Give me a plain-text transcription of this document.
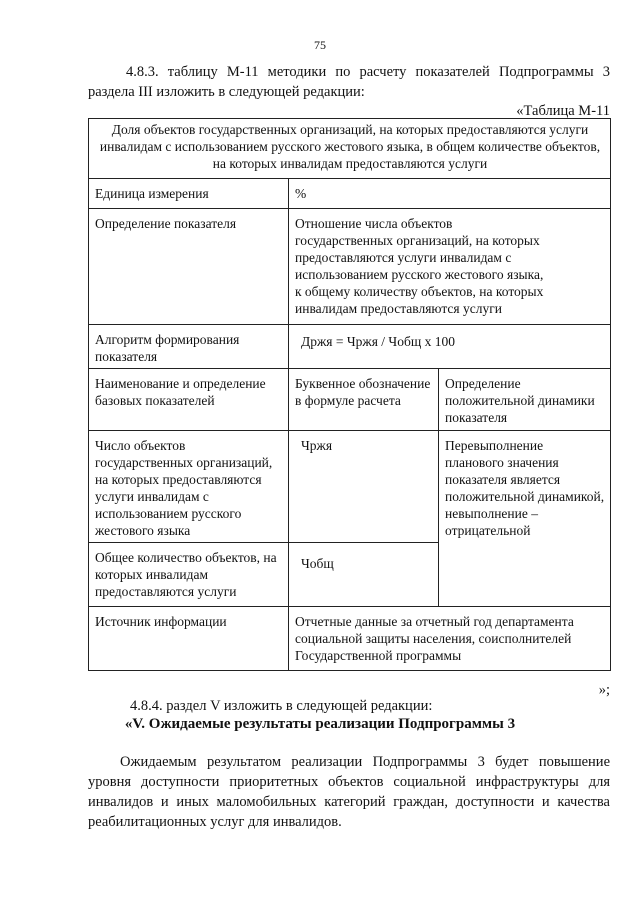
75
4.8.3. таблицу М-11 методики по расчету показателей Подпрограммы 3 раздела III изложить в следующей редакции:
«Таблица М-11
Доля объектов государственных организаций, на которых предоставляются услуги инвалидам с использованием русского жестового языка, в общем количестве объектов, на которых инвалидам предоставляются услуги		
Единица измерения	%	
Определение показателя	Отношение числа объектов государственных организаций, на которых предоставляются услуги инвалидам с использованием русского жестового языка, к общему количеству объектов, на которых инвалидам предоставляются услуги	
Алгоритм формирования показателя	Држя = Чржя / Чобщ х 100	
Наименование и определение базовых показателей	Буквенное обозначение в формуле расчета	Определение положительной динамики показателя
Число объектов государственных организаций, на которых предоставляются услуги инвалидам с использованием русского жестового языка	Чржя	Перевыполнение планового значения показателя является положительной динамикой, невыполнение – отрицательной
Общее количество объектов, на которых инвалидам предоставляются услуги	Чобщ	
Источник информации	Отчетные данные за отчетный год департамента социальной защиты населения, соисполнителей Государственной программы	
»;
4.8.4. раздел V изложить в следующей редакции:
«V. Ожидаемые результаты реализации Подпрограммы 3
Ожидаемым результатом реализации Подпрограммы 3 будет повышение уровня доступности приоритетных объектов социальной инфраструктуры для инвалидов и иных маломобильных категорий граждан, доступности и качества реабилитационных услуг для инвалидов.
